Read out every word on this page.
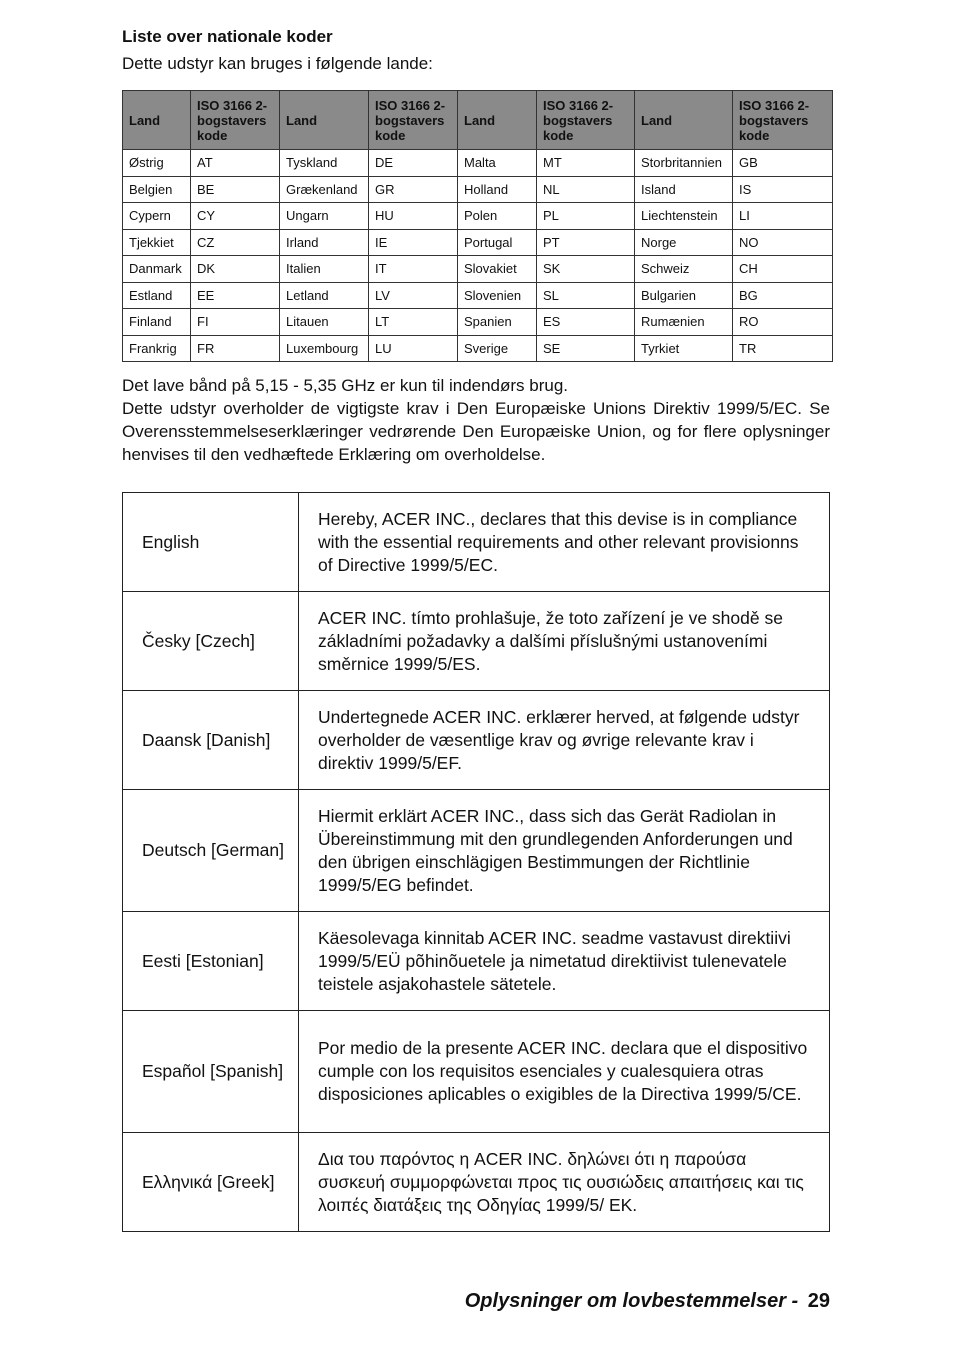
Liste over nationale koder

Dette udstyr kan bruges i følgende lande:

Land	ISO 3166 2-bogstavers kode	Land	ISO 3166 2-bogstavers kode	Land	ISO 3166 2-bogstavers kode	Land	ISO 3166 2-bogstavers kode
Østrig	AT	Tyskland	DE	Malta	MT	Storbritannien	GB
Belgien	BE	Grækenland	GR	Holland	NL	Island	IS
Cypern	CY	Ungarn	HU	Polen	PL	Liechtenstein	LI
Tjekkiet	CZ	Irland	IE	Portugal	PT	Norge	NO
Danmark	DK	Italien	IT	Slovakiet	SK	Schweiz	CH
Estland	EE	Letland	LV	Slovenien	SL	Bulgarien	BG
Finland	FI	Litauen	LT	Spanien	ES	Rumænien	RO
Frankrig	FR	Luxembourg	LU	Sverige	SE	Tyrkiet	TR

Det lave bånd på 5,15 - 5,35 GHz er kun til indendørs brug.

Dette udstyr overholder de vigtigste krav i Den Europæiske Unions Direktiv 1999/5/EC. Se Overensstemmelseserklæringer vedrørende Den Europæiske Union, og for flere oplysninger henvises til den vedhæftede Erklæring om overholdelse.

English	Hereby, ACER INC., declares that this devise is in compliance with the essential requirements and other relevant provisionns of Directive 1999/5/EC.
Česky [Czech]	ACER INC. tímto prohlašuje, že toto zařízení je ve shodě se základními požadavky a dalšími příslušnými ustanoveními směrnice 1999/5/ES.
Daansk [Danish]	Undertegnede ACER INC. erklærer herved, at følgende udstyr overholder de væsentlige krav og øvrige relevante krav i direktiv 1999/5/EF.
Deutsch [German]	Hiermit erklärt ACER INC., dass sich das Gerät Radiolan in Übereinstimmung mit den grundlegenden Anforderungen und den übrigen einschlägigen Bestimmungen der Richtlinie 1999/5/EG befindet.
Eesti [Estonian]	Käesolevaga kinnitab ACER INC. seadme vastavust direktiivi 1999/5/EÜ põhinõuetele ja nimetatud direktiivist tulenevatele teistele asjakohastele sätetele.
Español [Spanish]	Por medio de la presente ACER INC. declara que el dispositivo cumple con los requisitos esenciales y cualesquiera otras disposiciones aplicables o exigibles de la Directiva 1999/5/CE.
Ελληνικά [Greek]	Δια του παρόντος η ACER INC. δηλώνει ότι η παρούσα συσκευή συμμορφώνεται προς τις ουσιώδεις απαιτήσεις και τις λοιπές διατάξεις της Οδηγίας 1999/5/ ΕΚ.
Oplysninger om lovbestemmelser - 29
